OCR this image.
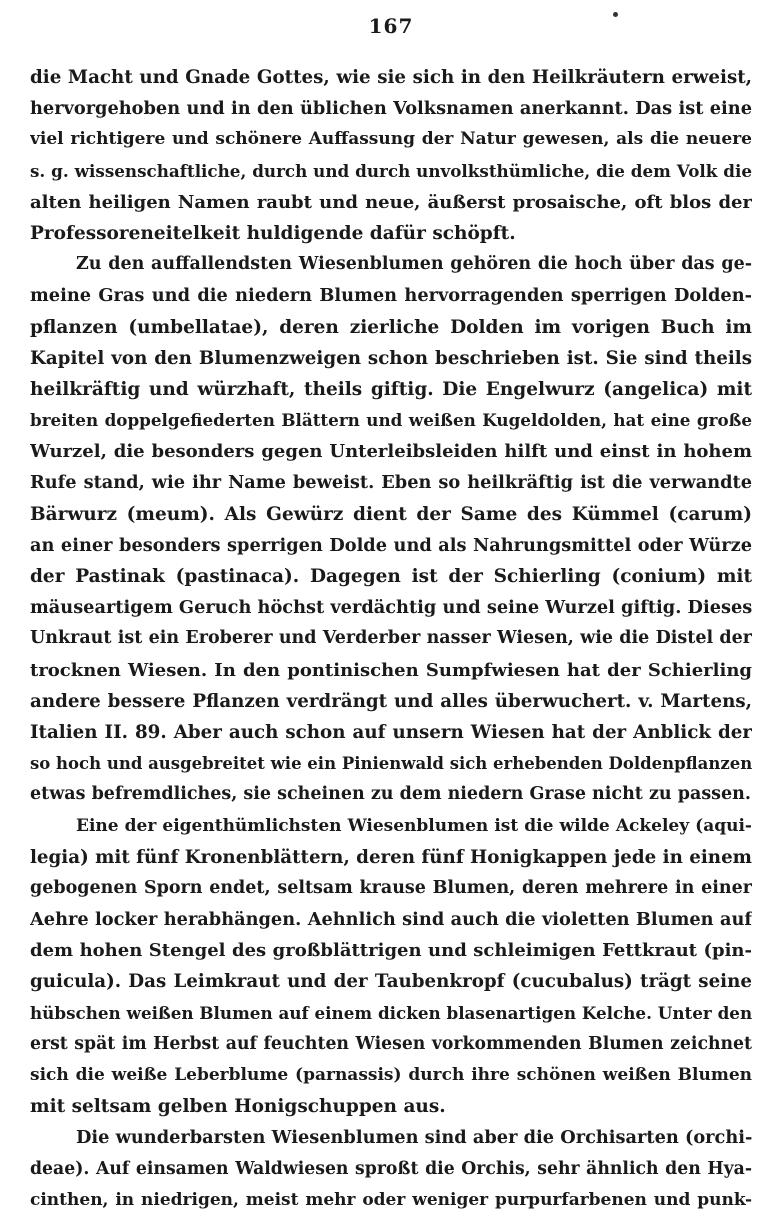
167
die Macht und Gnade Gottes, wie sie sich in den Heilkräutern erweist,
hervorgehoben und in den üblichen Volksnamen anerkannt. Das ist eine
viel richtigere und schönere Auffassung der Natur gewesen, als die neuere
s. g. wissenschaftliche, durch und durch unvolksthümliche, die dem Volk die
alten heiligen Namen raubt und neue, äußerst prosaische, oft blos der
Professoreneitelkeit huldigende dafür schöpft.
Zu den auffallendsten Wiesenblumen gehören die hoch über das ge-
meine Gras und die niedern Blumen hervorragenden sperrigen Dolden-
pflanzen (umbellatae), deren zierliche Dolden im vorigen Buch im
Kapitel von den Blumenzweigen schon beschrieben ist. Sie sind theils
heilkräftig und würzhaft, theils giftig. Die Engelwurz (angelica) mit
breiten doppelgefiederten Blättern und weißen Kugeldolden, hat eine große
Wurzel, die besonders gegen Unterleibsleiden hilft und einst in hohem
Rufe stand, wie ihr Name beweist. Eben so heilkräftig ist die verwandte
Bärwurz (meum). Als Gewürz dient der Same des Kümmel (carum)
an einer besonders sperrigen Dolde und als Nahrungsmittel oder Würze
der Pastinak (pastinaca). Dagegen ist der Schierling (conium) mit
mäuseartigem Geruch höchst verdächtig und seine Wurzel giftig. Dieses
Unkraut ist ein Eroberer und Verderber nasser Wiesen, wie die Distel der
trocknen Wiesen. In den pontinischen Sumpfwiesen hat der Schierling
andere bessere Pflanzen verdrängt und alles überwuchert. v. Martens,
Italien II. 89. Aber auch schon auf unsern Wiesen hat der Anblick der
so hoch und ausgebreitet wie ein Pinienwald sich erhebenden Doldenpflanzen
etwas befremdliches, sie scheinen zu dem niedern Grase nicht zu passen.
Eine der eigenthümlichsten Wiesenblumen ist die wilde Ackeley (aqui-
legia) mit fünf Kronenblättern, deren fünf Honigkappen jede in einem
gebogenen Sporn endet, seltsam krause Blumen, deren mehrere in einer
Aehre locker herabhängen. Aehnlich sind auch die violetten Blumen auf
dem hohen Stengel des großblättrigen und schleimigen Fettkraut (pin-
guicula). Das Leimkraut und der Taubenkropf (cucubalus) trägt seine
hübschen weißen Blumen auf einem dicken blasenartigen Kelche. Unter den
erst spät im Herbst auf feuchten Wiesen vorkommenden Blumen zeichnet
sich die weiße Leberblume (parnassis) durch ihre schönen weißen Blumen
mit seltsam gelben Honigschuppen aus.
Die wunderbarsten Wiesenblumen sind aber die Orchisarten (orchi-
deae). Auf einsamen Waldwiesen sproßt die Orchis, sehr ähnlich den Hya-
cinthen, in niedrigen, meist mehr oder weniger purpurfarbenen und punk-
